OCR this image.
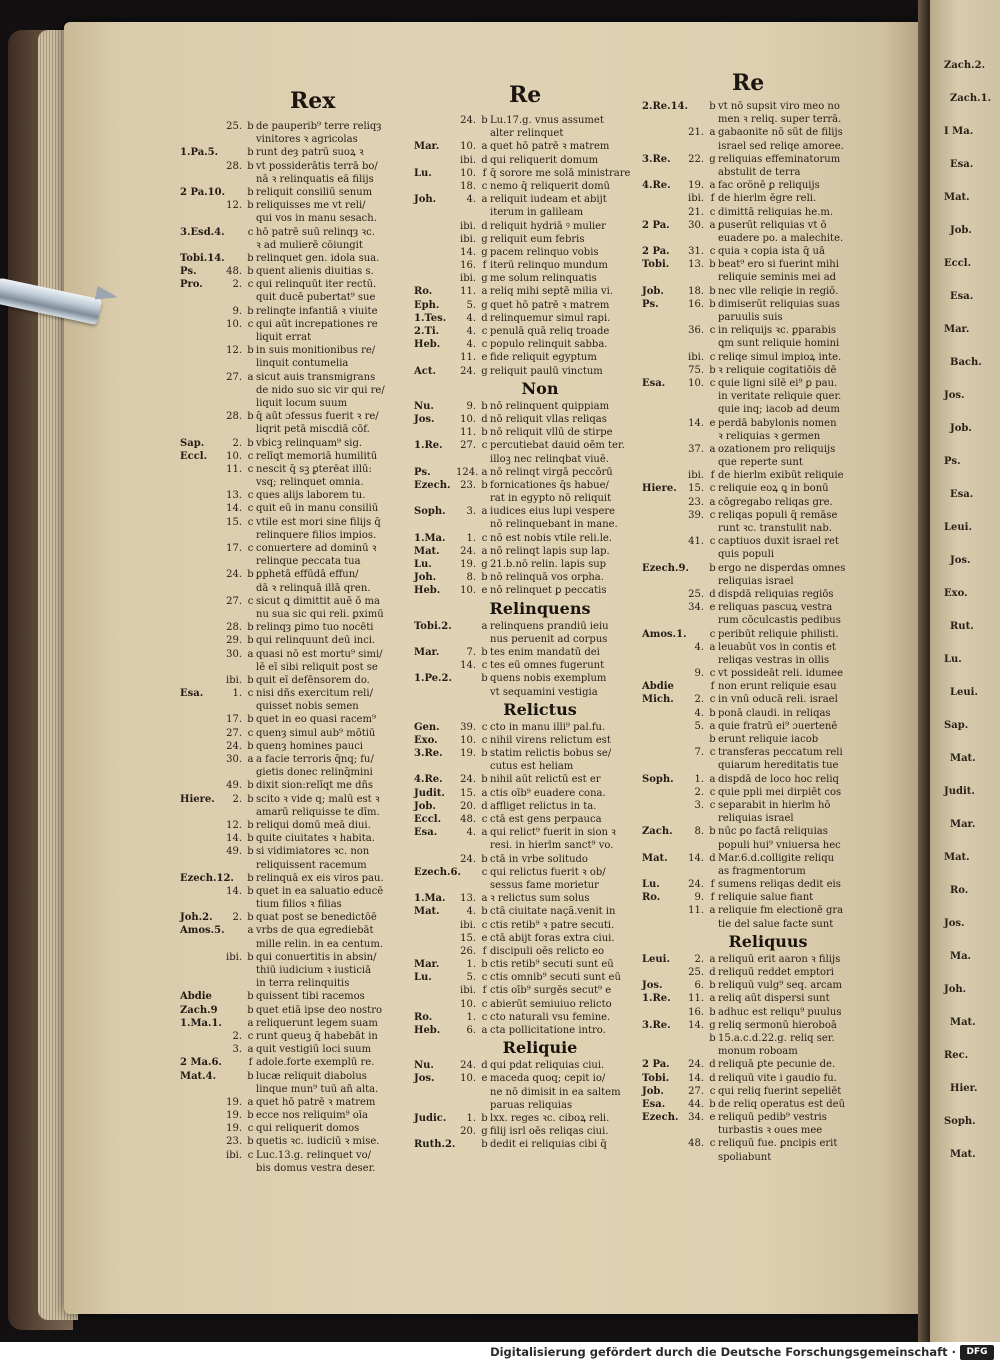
Rex	Re	Re
25. b de pauperib⁹ terre reliqȝ
vinitores ꝛ agricolas
1.Pa.5.	b runt deȝ patrū suoꝝ ꝛ
28. b vt possiderātis terrā bo/
nā ꝛ relinquatis eā filijs
2 Pa.10. b reliquit consiliū senum
12. b reliquisses me vt reli/
qui vos in manu sesach.
3.Esd.4. c hō patrē suū relinqȝ ꝛc.
ꝛ ad mulierē cōiungit
Tobi.14. b relinquet gen. idola sua.
Ps.	48. b quent alienis diuitias s.
Pro.	2. c qui relinquūt iter rectū.
quit ducē pubertat⁹ sue
9. b relinqte infantiā ꝛ viuite
10. c qui aūt increpationes re
liquit errat
12. b in suis monitionibus re/
linquit contumelia
27. a sicut auis transmigrans
de nido suo sic vir qui re/
liquit locum suum
28. b q̄ aūt ɔfessus fuerit ꝛ re/
liqrit petā miscdiā cōf.
Sap.	2. b vbicꝫ relinquam⁹ sig.
Eccl.	10. c relīqt memoriā humilitū
11. c nescit q̄ sꝫ ꝑterēat illū:
vsq; relinquet omnia.
13. c ques alijs laborem tu.
14. c quit eū in manu consiliū
15. c vtile est mori sine filijs q̄
relinquere filios impios.
17. c conuertere ad dominū ꝛ
relinque peccata tua
24. b ꝑphetā effūdā effun/
dā ꝛ relinquā illā qren.
27. c sicut ꝗ dimittit auē ō ma
nu sua sic qui reli. ꝑximū
28. b relinqȝ ꝑimo tuo nocēti
29. b qui relinquunt deū inci.
30. a quasi nō est mortu⁹ simi/
lē eī sibi reliquit post se
ibi. b quit eī defēnsorem do.
Esa.	1. c nisi dñs exercitum reli/
quisset nobis semen
17. b quet in eo quasi racem⁹
27. c quenȝ simul aub⁹ mōtiū
24. b quenȝ homines pauci
30. a a facie terroris q̄nq; fu/
gietis donec relinq̄mini
49. b dixit sion:relīqt me dñs
Hiere.	2. b scito ꝛ vide q; malū est ꝛ
amarū reliquisse te dīm.
12. b reliqui domū meā diui.
14. b quite ciuitates ꝛ habita.
49. b si vidimiatores ꝛc. non
reliquissent racemum
Ezech.12. b relinquā ex eis viros pau.
14. b quet in ea saluatio educē
tium filios ꝛ filias
Joh.2.	2. b quat post se benedictōē
Amos.5. a vrbs de qua egrediebāt
mille relin. in ea centum.
ibi. b qui conuertitis in absin/
thiū iudicium ꝛ iusticiā
in terra relinquitis
Abdie	b quissent tibi racemos
Zach.9	b quet etiā ipse deo nostro
1.Ma.1.	a reliquerunt legem suam
2. c runt queuꝫ q̄ habebāt in
3. a quit vestigiū loci suum
2 Ma.6.	f adole.forte exemplū re.
Mat.4.	b lucæ reliquit diabolus
linque mun⁹ tuū añ alta.
19. a quet hō patrē ꝛ matrem
19. b ecce nos reliquim⁹ oīa
19. c qui reliquerit domos
23. b quetis ꝛc. iudiciū ꝛ mise.
ibi. c Luc.13.g. relinquet vo/
bis domus vestra deser.
24. b Lu.17.g. vnus assumet
alter relinquet
Mar.	10. a quet hō patrē ꝛ matrem
ibi. d qui reliquerit domum
Lu.	10. f q̄ sorore me solā ministrare
18. c nemo q̄ reliquerit domū
Joh.	4. a reliquit iudeam et abijt
iterum in galileam
ibi. d reliquit hydriā ꝰ mulier
ibi. g reliquit eum febris
14. g pacem relinquo vobis
16. f iterū relinquo mundum
ibi. g me solum relinquatis
Ro.	11. a reliq mihi septē milia vi.
Eph.	5. g quet hō patrē ꝛ matrem
1.Tes.	4. d relinquemur simul rapi.
2.Ti.	4. c penulā quā reliq troade
Heb.	4. c populo relinquit sabba.
11. e fide reliquit egyptum
Act.	24. g reliquit paulū vinctum
Non
Nu.	9. b nō relinquent quippiam
Jos.	10. d nō reliquit vllas reliqas
11. b nō reliquit vllū de stirpe
1.Re.	27. c percutiebat dauid oēm ter.
illoꝫ nec relinqbat viuē.
Ps.	124. a nō relinqt virgā peccōrū
Ezech. 23. b fornicationes q̄s habue/
rat in egypto nō reliquit
Soph.	3. a iudices eius lupi vespere
nō relinquebant in mane.
1.Ma.	1. c nō est nobis vtile reli.le.
Mat.	24. a nō relinqt lapis sup lap.
Lu.	19. g 21.b.nō relin. lapis sup
Joh.	8. b nō relinquā vos orpha.
Heb.	10. e nō relinquet ꝑ peccatis
Relinquens
Tobi.2.	a relinquens prandiū ieiu
nus peruenit ad corpus
Mar.	7. b tes enim mandatū dei
14. c tes eū omnes fugerunt
1.Pe.2.	b quens nobis exemplum
vt sequamini vestigia
Relictus
Gen.	39. c cto in manu illi⁹ pal.fu.
Exo.	10. c nihil virens relictum est
3.Re.	19. b statim relictis bobus se/
cutus est heliam
4.Re.	24. b nihil aūt relictū est er
Judit.	15. a ctis oīb⁹ euadere cona.
Job.	20. d affliget relictus in ta.
Eccl.	48. c ctā est gens perpauca
Esa.	4. a qui relict⁹ fuerit in sion ꝛ
resi. in hierlm sanct⁹ vo.
24. b ctā in vrbe solitudo
Ezech.6. c qui relictus fuerit ꝛ ob/
sessus fame morietur
1.Ma.	13. a ꝛ relictus sum solus
Mat.	4. b ctā ciuitate naçã.venit in
ibi. c ctis retib⁹ ꝛ patre secuti.
15. e ctā abijt foras extra ciui.
26. f discipuli oēs relicto eo
Mar.	1. b ctis retib⁹ secuti sunt eū
Lu.	5. c ctis omnib⁹ secuti sunt eū
ibi. f ctis oīb⁹ surgēs secut⁹ e
10. c abierūt semiuiuo relicto
Ro.	1. c cto naturali vsu femine.
Heb.	6. a cta pollicitatione intro.
Reliquie
Nu.	24. d qui pdat reliquias ciui.
Jos.	10. e maceda quoq; cepit io/
ne nō dimisit in ea saltem
paruas reliquias
Judic.	1. b lxx. reges ꝛc. ciboꝝ reli.
20. g filij isrl oēs reliqas ciui.
Ruth.2.	b dedit ei reliquias cibi q̄
2.Re.14. b vt nō supsit viro meo no
men ꝛ reliq. super terrā.
21. a gabaonite nō sūt de filijs
israel sed reliqe amoree.
3.Re.	22. g reliquias effeminatorum
abstulit de terra
4.Re.	19. a fac orōnē ꝑ reliquijs
ibi. f de hierlm ēgre reli.
21. c dimittā reliquias he.m.
2 Pa.	30. a ꝑuserūt reliquias vt ō
euadere po. a malechite.
2 Pa.	31. c quia ꝛ copia ista q̄ uā
Tobi.	13. b beat⁹ ero si fuerint mihi
reliquie seminis mei ad
Job.	18. b nec vlle reliqie in regiō.
Ps.	16. b dimiserūt reliquias suas
paruulis suis
36. c in reliquijs ꝛc. ꝑparabis
ꝗm sunt reliquie homini
ibi. c reliqe simul impioꝝ inte.
75. b ꝛ reliquie cogitatiōis dē
Esa.	10. c quie ligni silē ei⁹ ꝑ pau.
in veritate reliquie quer.
quie inq; iacob ad deum
14. e perdā babylonis nomen
ꝛ reliquias ꝛ germen
37. a ozationem pro reliquijs
que reperte sunt
ibi. f de hierlm exibūt reliquie
Hiere.	15. c reliquie eoꝝ ꝗ in bonū
23. a cōgregabo reliqas gre.
39. c reliqas populi q̄ remāse
runt ꝛc. transtulit nab.
41. c captiuos duxit israel ret
quis populi
Ezech.9. b ergo ne disperdas omnes
reliquias israel
25. d dispdā reliquias regiōs
34. e reliquas pascuꝝ vestra
rum cōculcastis pedibus
Amos.1. c peribūt reliquie philisti.
4. a leuabūt vos in contis et
reliqas vestras in ollis
9. c vt possideāt reli. idumee
Abdie	f non erunt reliquie esau
Mich.	2. c in vnū oducā reli. israel
4. b ponā claudi. in reliqas
5. a quie fratrū ei⁹ ɔuertenē
b erunt reliquie iacob
7. c transferas peccatum reli
quiarum hereditatis tue
Soph.	1. a dispdā de loco hoc reliq
2. c quie ppli mei dirpiēt cos
3. c separabit in hierlm hō
reliquias israel
Zach.	8. b nūc ꝑo factā reliquias
populi hui⁹ vniuersa hec
Mat.	14. d Mar.6.d.colligite reliqu
as fragmentorum
Lu.	24. f sumens reliqas dedit eis
Ro.	9. f reliquie salue fiant
11. a reliquie fm electionē gra
tie del salue facte sunt
Reliquus
Leui.	2. a reliquū erit aaron ꝛ filijs
25. d reliquū reddet emptori
Jos.	6. b reliquū vulg⁹ seq. arcam
1.Re.	11. a reliq aūt dispersi sunt
16. b adhuc est reliqu⁹ puulus
3.Re.	14. g reliq sermonū hieroboā
b 15.a.c.d.22.g. reliq ser.
monum roboam
2 Pa.	24. d reliquā ꝑte pecunie de.
Tobi.	14. d reliquū vite i gaudio fu.
Job.	27. c qui reliq fuerint sepeliēt
Esa.	44. b de reliq operatus est deū
Ezech. 34. e reliquū pedib⁹ vestris
turbastis ꝛ oues mee
48. c reliquū fue. ꝑncipis erit
spoliabunt
Zach.2.
Zach.1.
I Ma.
Esa.
Mat.
Job.
Eccl.
Esa.
Mar.
Bach.
Jos.
Job.
Ps.
Esa.
Leui.
Jos.
Exo.
Rut.
Lu.
Leui.
Sap.
Mat.
Judit.
Mar.
Mat.
Ro.
Jos.
Ma.
Joh.
Mat.
Rec.
Hier.
Soph.
Mat.
Digitalisierung gefördert durch die Deutsche Forschungsgemeinschaft ·	DFG
